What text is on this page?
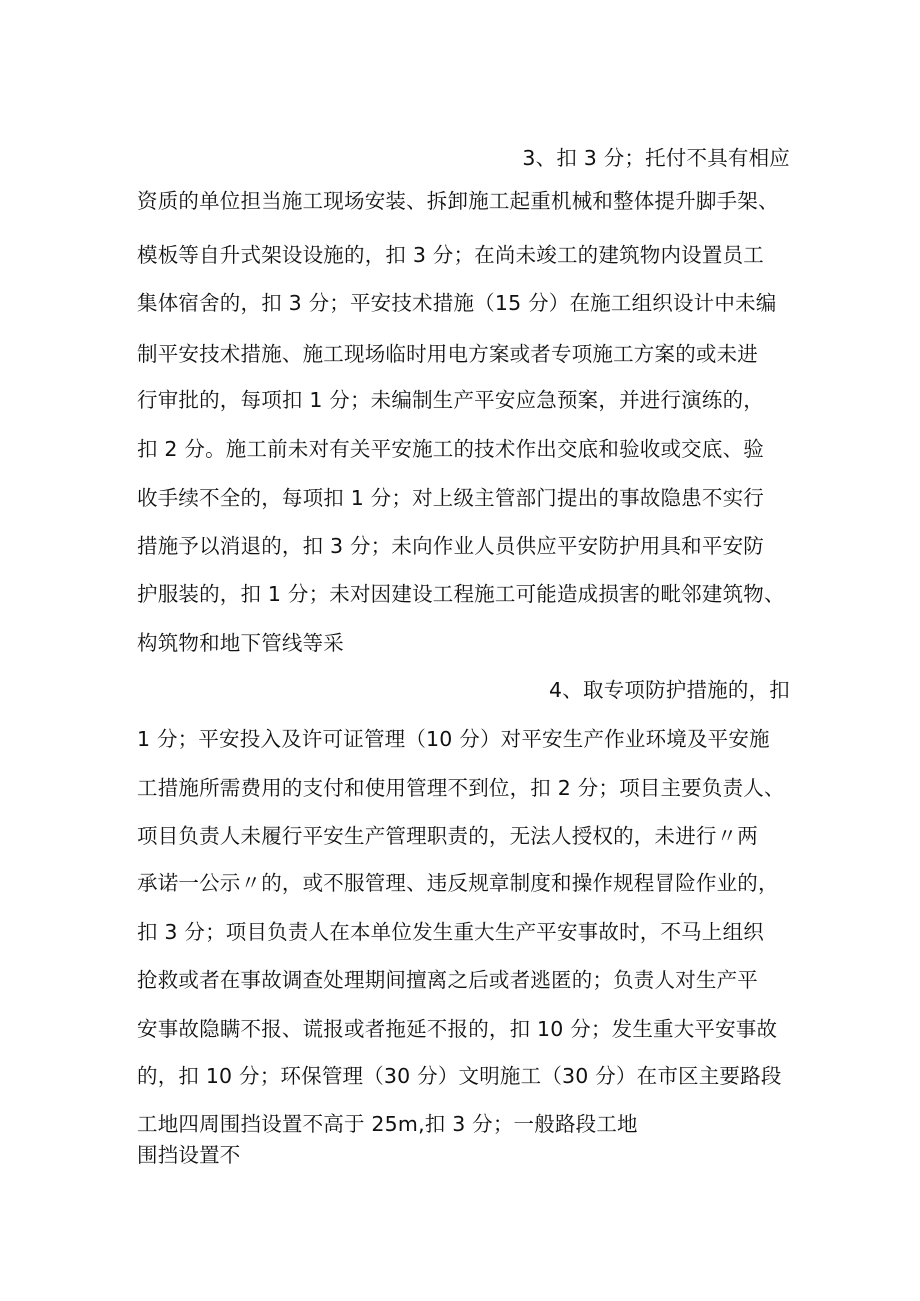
3、扣 3 分；托付不具有相应
资质的单位担当施工现场安装、拆卸施工起重机械和整体提升脚手架、
模板等自升式架设设施的，扣 3 分；在尚未竣工的建筑物内设置员工
集体宿舍的，扣 3 分；平安技术措施（15 分）在施工组织设计中未编
制平安技术措施、施工现场临时用电方案或者专项施工方案的或未进
行审批的，每项扣 1 分；未编制生产平安应急预案，并进行演练的，
扣 2 分。施工前未对有关平安施工的技术作出交底和验收或交底、验
收手续不全的，每项扣 1 分；对上级主管部门提出的事故隐患不实行
措施予以消退的，扣 3 分；未向作业人员供应平安防护用具和平安防
护服装的，扣 1 分；未对因建设工程施工可能造成损害的毗邻建筑物、
构筑物和地下管线等采
4、取专项防护措施的，扣
1 分；平安投入及许可证管理（10 分）对平安生产作业环境及平安施
工措施所需费用的支付和使用管理不到位，扣 2 分；项目主要负责人、
项目负责人未履行平安生产管理职责的，无法人授权的，未进行〃两
承诺一公示〃的，或不服管理、违反规章制度和操作规程冒险作业的，
扣 3 分；项目负责人在本单位发生重大生产平安事故时，不马上组织
抢救或者在事故调查处理期间擅离之后或者逃匿的；负责人对生产平
安事故隐瞒不报、谎报或者拖延不报的，扣 10 分；发生重大平安事故
的，扣 10 分；环保管理（30 分）文明施工（30 分）在市区主要路段
工地四周围挡设置不高于 25m,扣 3 分；一般路段工地
围挡设置不
